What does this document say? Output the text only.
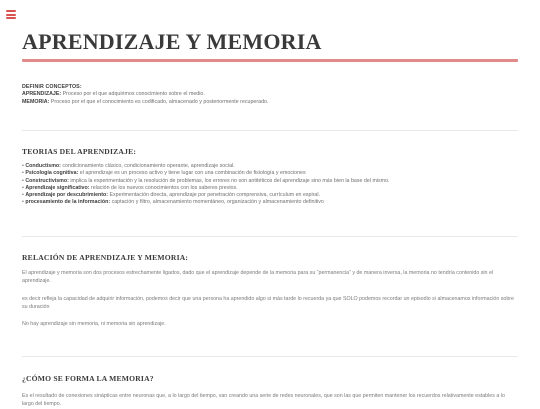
APRENDIZAJE Y MEMORIA
DEFINIR CONCEPTOS:
APRENDIZAJE: Proceso por el que adquirimos conocimiento sobre el medio.
MEMORIA: Proceso por el que el conocimiento es codificado, almacenado y posteriormente recuperado.
TEORIAS DEL APRENDIZAJE:
• Conductismo: condicionamiento clásico, condicionamiento operante, aprendizaje social.
• Psicología cognitiva: el aprendizaje es un proceso activo y tiene lugar con una combinación de fisiología y emociones
• Constructivismo: implica la experimentación y la resolución de problemas, los errores no son antitéticos del aprendizaje sino más bien la base del mismo.
• Aprendizaje significativo: relación de los nuevos conocimientos con los saberes previos.
• Aprendizaje por descubrimiento: Experimentación directa, aprendizaje por penetración comprensiva, currículum en espiral.
• procesamiento de la información: captación y filtro, almacenamiento momentáneo, organización y almacenamiento definitivo
RELACIÓN DE APRENDIZAJE Y MEMORIA:

El aprendizaje y memoria son dos procesos estrechamente ligados, dado que el aprendizaje depende de la memoria para su “permanencia” y de manera inversa, la memoria no tendría contenido sin el aprendizaje.

es decir refleja la capacidad de adquirir información, podemos decir que una persona ha aprendido algo si más tarde lo recuerda ya que SOLO podemos recordar un episodio si almacenamos información sobre su duración

No hay aprendizaje sin memoria, ni memoria sin aprendizaje.

¿CÓMO SE FORMA LA MEMORIA?

Es el resultado de conexiones sinápticas entre neuronas que, a lo largo del tiempo, van creando una serie de redes neuronales, que son las que permiten mantener los recuerdos relativamente estables a lo largo del tiempo.
